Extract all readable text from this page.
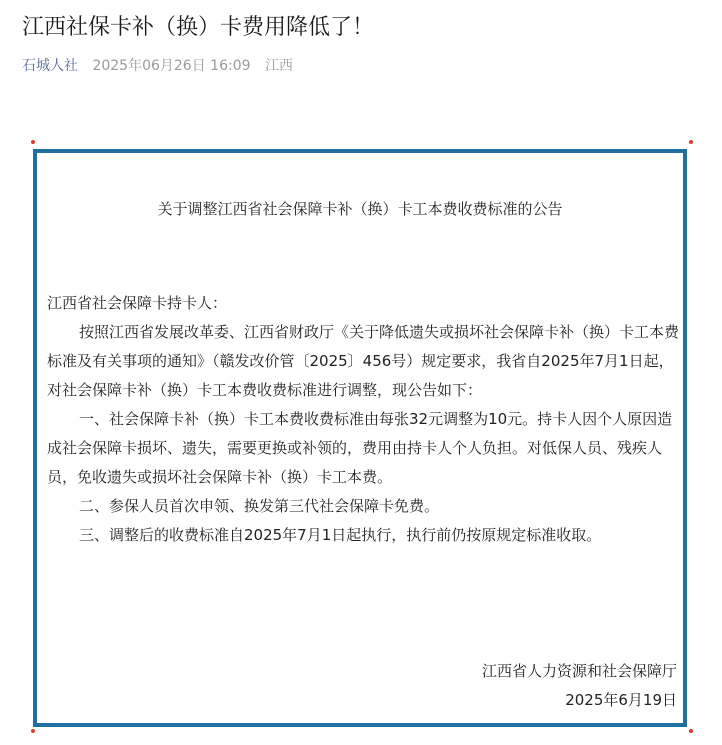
江西社保卡补（换）卡费用降低了！
石城人社 2025年06月26日 16:09 江西
关于调整江西省社会保障卡补（换）卡工本费收费标准的公告

江西省社会保障卡持卡人：

按照江西省发展改革委、江西省财政厅《关于降低遗失或损坏社会保障卡补（换）卡工本费标准及有关事项的通知》（赣发改价管〔2025〕456号）规定要求，我省自2025年7月1日起，对社会保障卡补（换）卡工本费收费标准进行调整，现公告如下：

一、社会保障卡补（换）卡工本费收费标准由每张32元调整为10元。持卡人因个人原因造成社会保障卡损坏、遗失，需要更换或补领的，费用由持卡人个人负担。对低保人员、残疾人员，免收遗失或损坏社会保障卡补（换）卡工本费。

二、参保人员首次申领、换发第三代社会保障卡免费。

三、调整后的收费标准自2025年7月1日起执行，执行前仍按原规定标准收取。

江西省人力资源和社会保障厅
2025年6月19日
